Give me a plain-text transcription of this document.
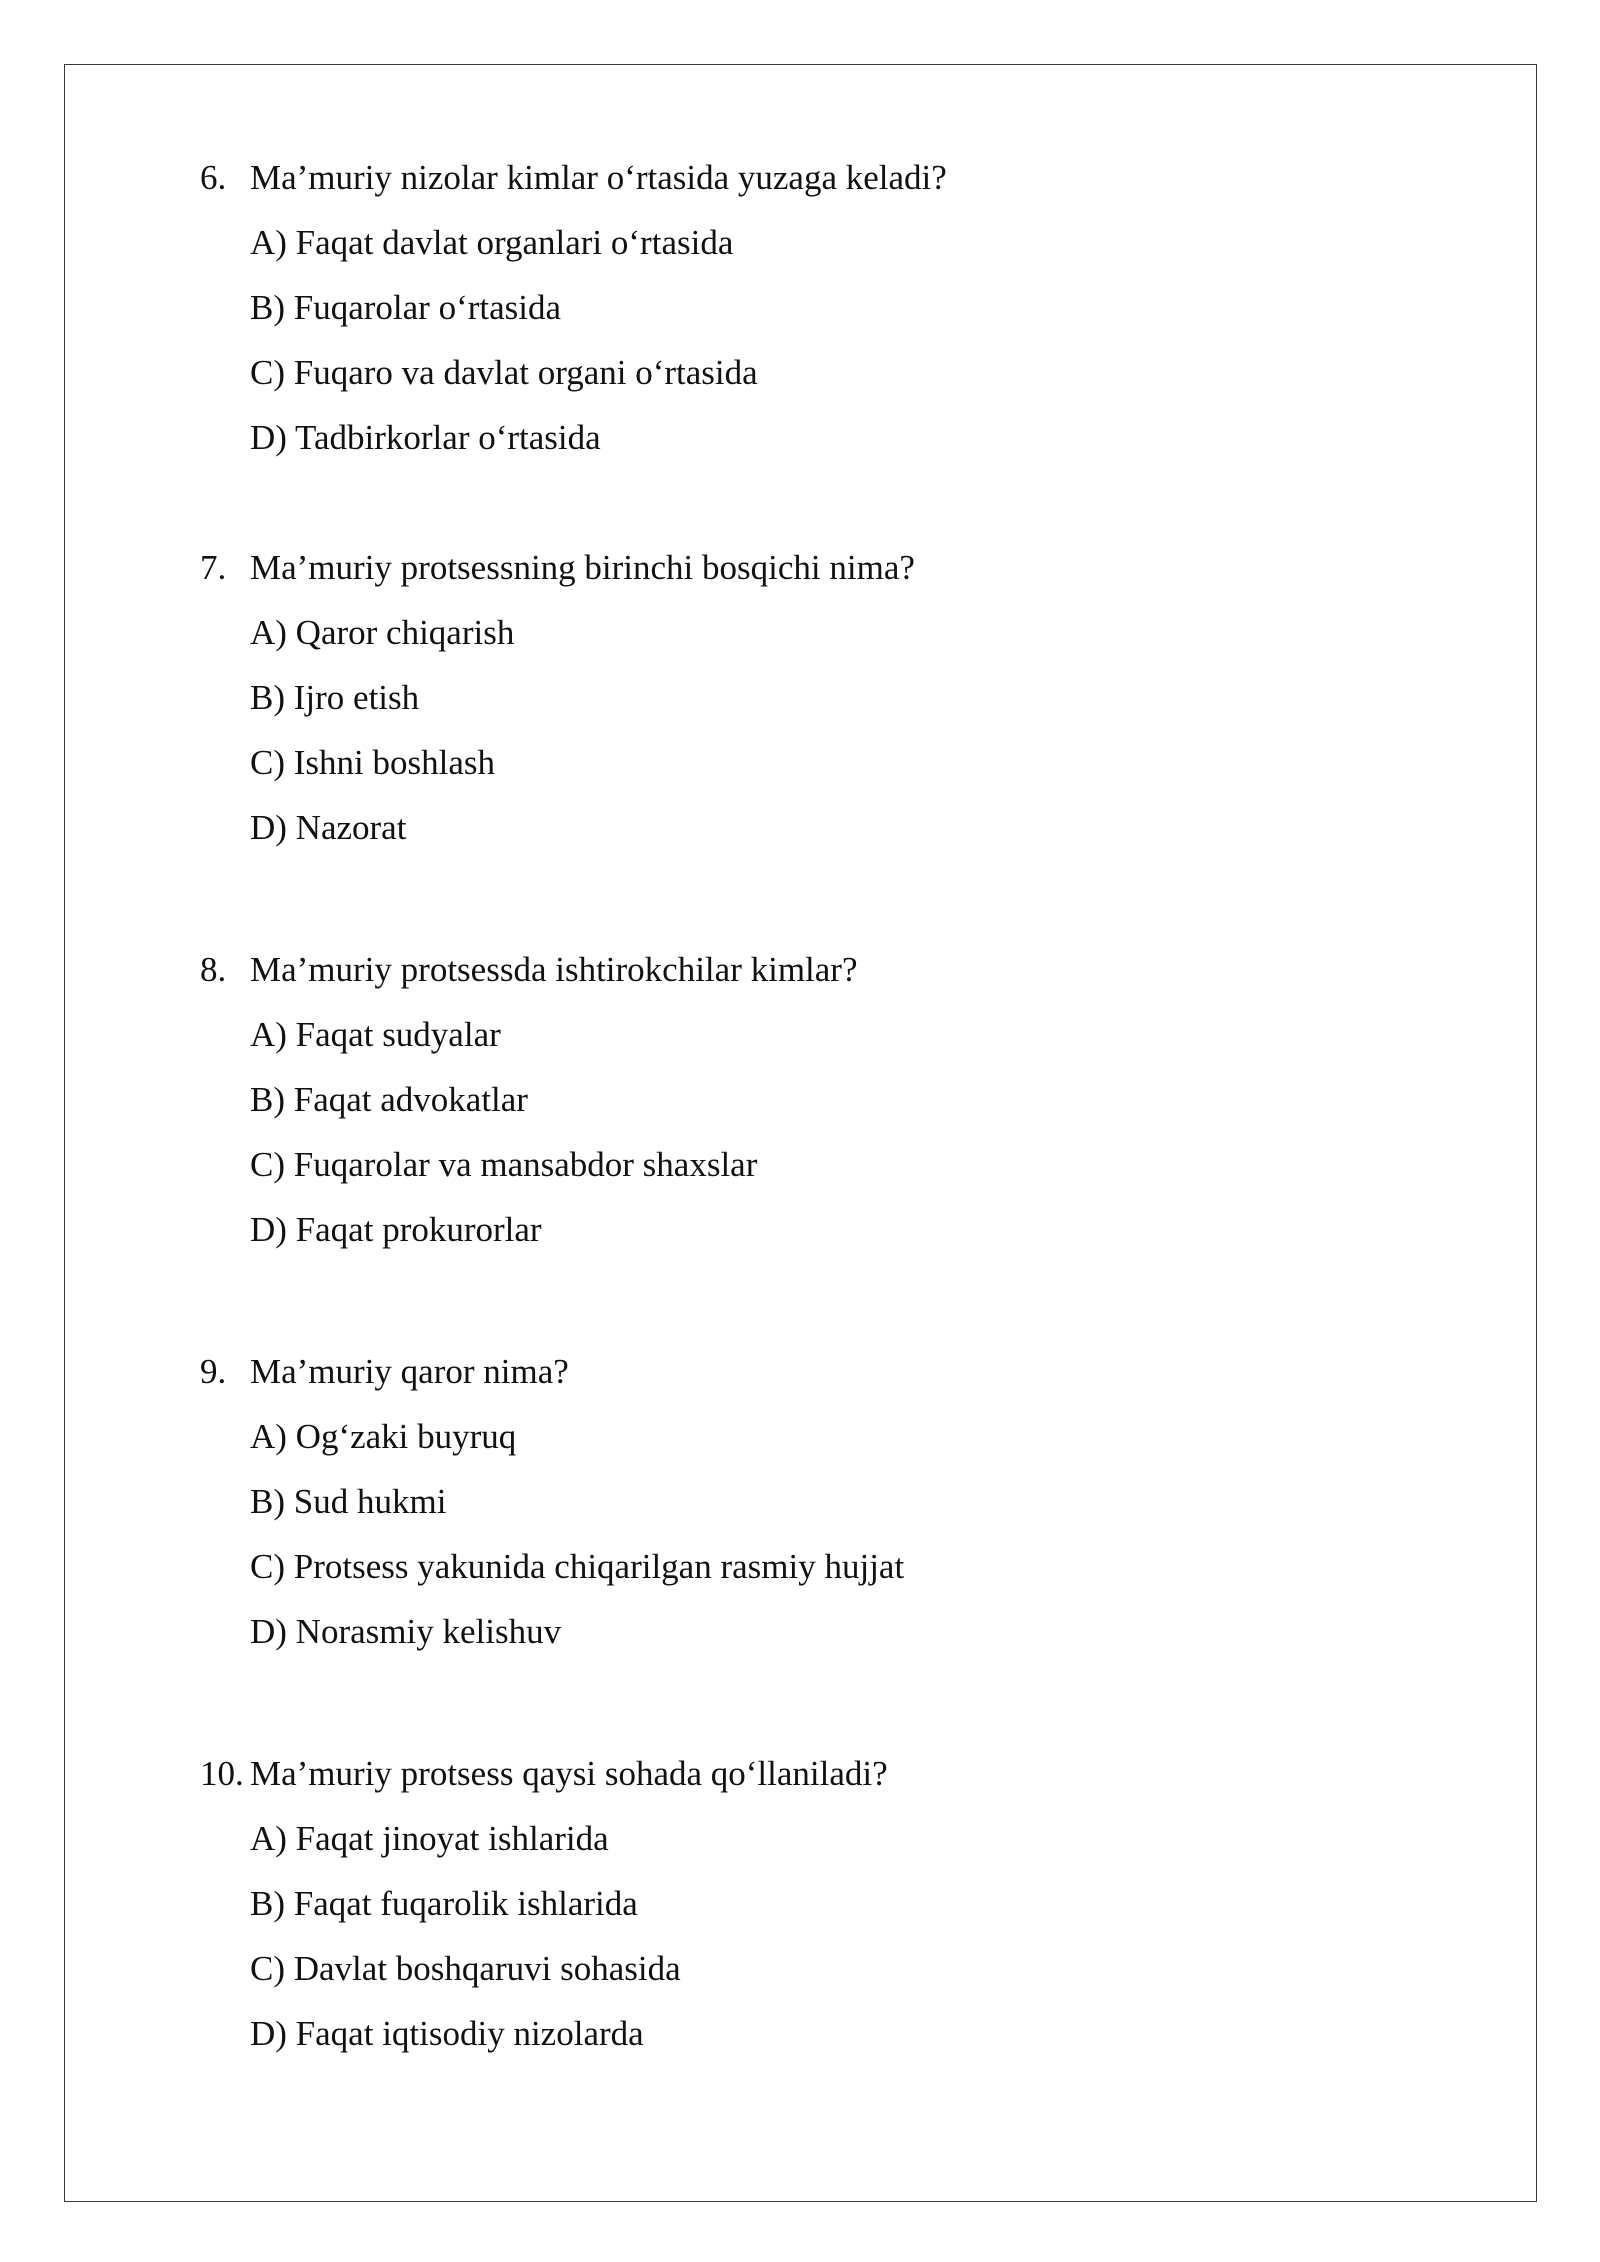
6. Ma’muriy nizolar kimlar o‘rtasida yuzaga keladi?
A) Faqat davlat organlari o‘rtasida
B) Fuqarolar o‘rtasida
C) Fuqaro va davlat organi o‘rtasida
D) Tadbirkorlar o‘rtasida
7. Ma’muriy protsessning birinchi bosqichi nima?
A) Qaror chiqarish
B) Ijro etish
C) Ishni boshlash
D) Nazorat
8. Ma’muriy protsessda ishtirokchilar kimlar?
A) Faqat sudyalar
B) Faqat advokatlar
C) Fuqarolar va mansabdor shaxslar
D) Faqat prokurorlar
9. Ma’muriy qaror nima?
A) Og‘zaki buyruq
B) Sud hukmi
C) Protsess yakunida chiqarilgan rasmiy hujjat
D) Norasmiy kelishuv
10. Ma’muriy protsess qaysi sohada qo‘llaniladi?
A) Faqat jinoyat ishlarida
B) Faqat fuqarolik ishlarida
C) Davlat boshqaruvi sohasida
D) Faqat iqtisodiy nizolarda
